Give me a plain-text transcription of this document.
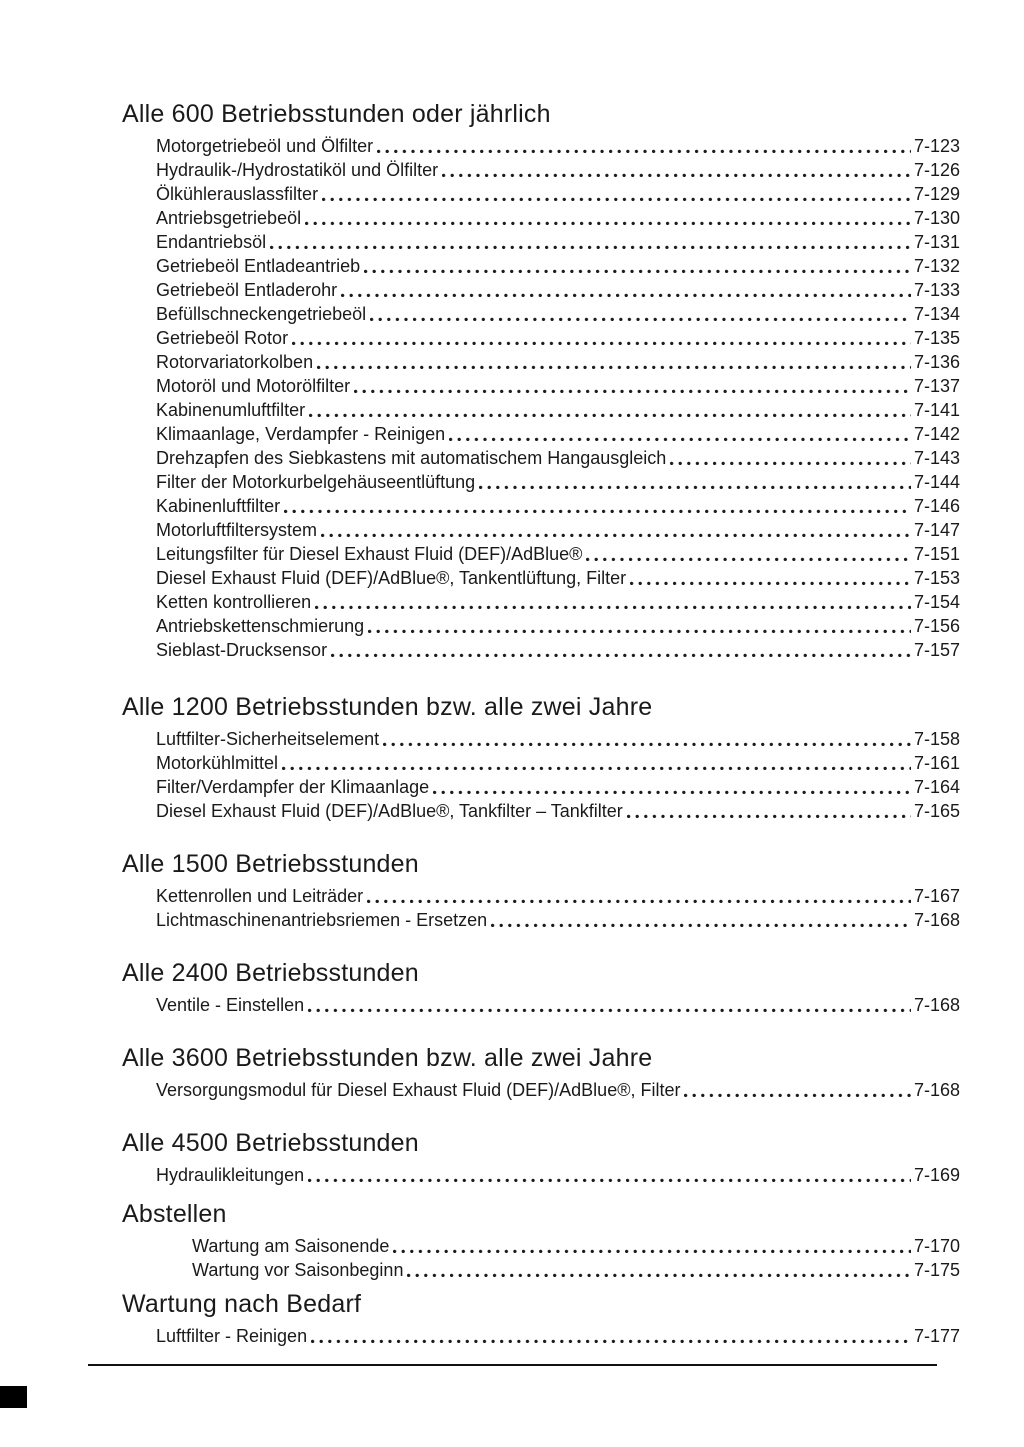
Alle 600 Betriebsstunden oder jährlich
Motorgetriebeöl und Ölfilter	7-123
Hydraulik-/Hydrostatiköl und Ölfilter	7-126
Ölkühlerauslassfilter	7-129
Antriebsgetriebeöl	7-130
Endantriebsöl	7-131
Getriebeöl Entladeantrieb	7-132
Getriebeöl Entladerohr	7-133
Befüllschneckengetriebeöl	7-134
Getriebeöl Rotor	7-135
Rotorvariatorkolben	7-136
Motoröl und Motorölfilter	7-137
Kabinenumluftfilter	7-141
Klimaanlage, Verdampfer - Reinigen	7-142
Drehzapfen des Siebkastens mit automatischem Hangausgleich	7-143
Filter der Motorkurbelgehäuseentlüftung	7-144
Kabinenluftfilter	7-146
Motorluftfiltersystem	7-147
Leitungsfilter für Diesel Exhaust Fluid (DEF)/AdBlue®	7-151
Diesel Exhaust Fluid (DEF)/AdBlue®, Tankentlüftung, Filter	7-153
Ketten kontrollieren	7-154
Antriebskettenschmierung	7-156
Sieblast-Drucksensor	7-157
Alle 1200 Betriebsstunden bzw. alle zwei Jahre
Luftfilter-Sicherheitselement	7-158
Motorkühlmittel	7-161
Filter/Verdampfer der Klimaanlage	7-164
Diesel Exhaust Fluid (DEF)/AdBlue®, Tankfilter – Tankfilter	7-165
Alle 1500 Betriebsstunden
Kettenrollen und Leiträder	7-167
Lichtmaschinenantriebsriemen - Ersetzen	7-168
Alle 2400 Betriebsstunden
Ventile - Einstellen	7-168
Alle 3600 Betriebsstunden bzw. alle zwei Jahre
Versorgungsmodul für Diesel Exhaust Fluid (DEF)/AdBlue®, Filter	7-168
Alle 4500 Betriebsstunden
Hydraulikleitungen	7-169
Abstellen
Wartung am Saisonende	7-170
Wartung vor Saisonbeginn	7-175
Wartung nach Bedarf
Luftfilter - Reinigen	7-177
